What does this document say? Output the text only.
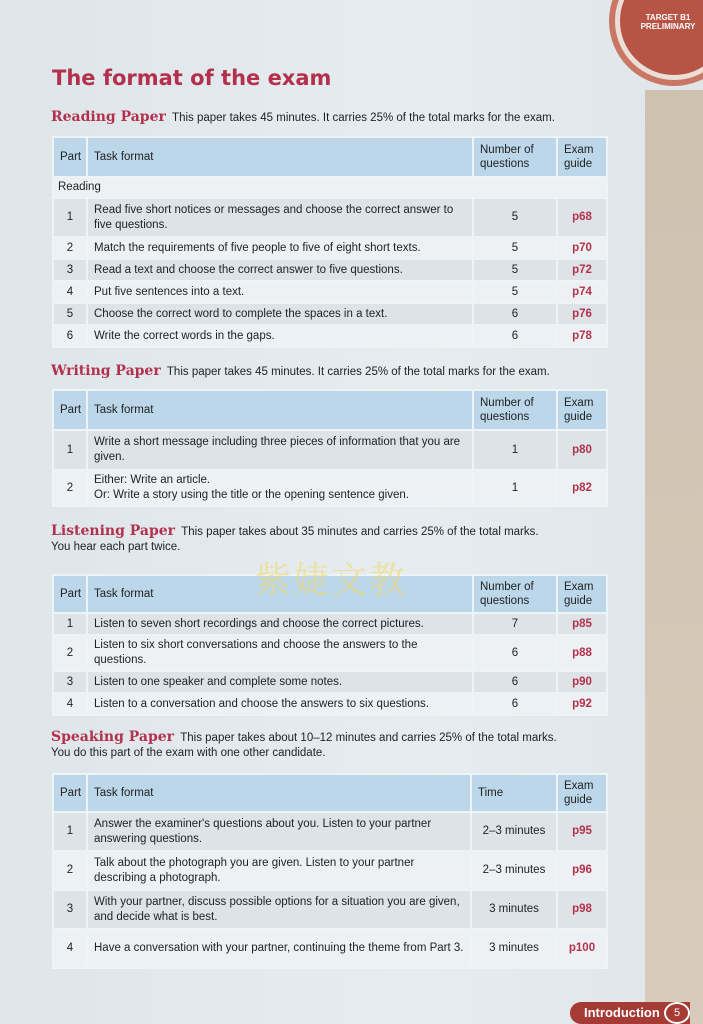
TARGET B1 PRELIMINARY
The format of the exam
Reading Paper This paper takes 45 minutes. It carries 25% of the total marks for the exam.
Part	Task format	Number of questions	Exam guide
Reading			
1	Read five short notices or messages and choose the correct answer to five questions.	5	p68
2	Match the requirements of five people to five of eight short texts.	5	p70
3	Read a text and choose the correct answer to five questions.	5	p72
4	Put five sentences into a text.	5	p74
5	Choose the correct word to complete the spaces in a text.	6	p76
6	Write the correct words in the gaps.	6	p78
Writing Paper This paper takes 45 minutes. It carries 25% of the total marks for the exam.
Part	Task format	Number of questions	Exam guide
1	Write a short message including three pieces of information that you are given.	1	p80
2	Either: Write an article.
Or: Write a story using the title or the opening sentence given.	1	p82
Listening Paper This paper takes about 35 minutes and carries 25% of the total marks.
You hear each part twice.
Part	Task format	Number of questions	Exam guide
1	Listen to seven short recordings and choose the correct pictures.	7	p85
2	Listen to six short conversations and choose the answers to the questions.	6	p88
3	Listen to one speaker and complete some notes.	6	p90
4	Listen to a conversation and choose the answers to six questions.	6	p92
紫婕文教
Speaking Paper This paper takes about 10–12 minutes and carries 25% of the total marks.
You do this part of the exam with one other candidate.
Part	Task format	Time	Exam guide
1	Answer the examiner's questions about you. Listen to your partner answering questions.	2–3 minutes	p95
2	Talk about the photograph you are given. Listen to your partner describing a photograph.	2–3 minutes	p96
3	With your partner, discuss possible options for a situation you are given, and decide what is best.	3 minutes	p98
4	Have a conversation with your partner, continuing the theme from Part 3.	3 minutes	p100
Introduction	5
